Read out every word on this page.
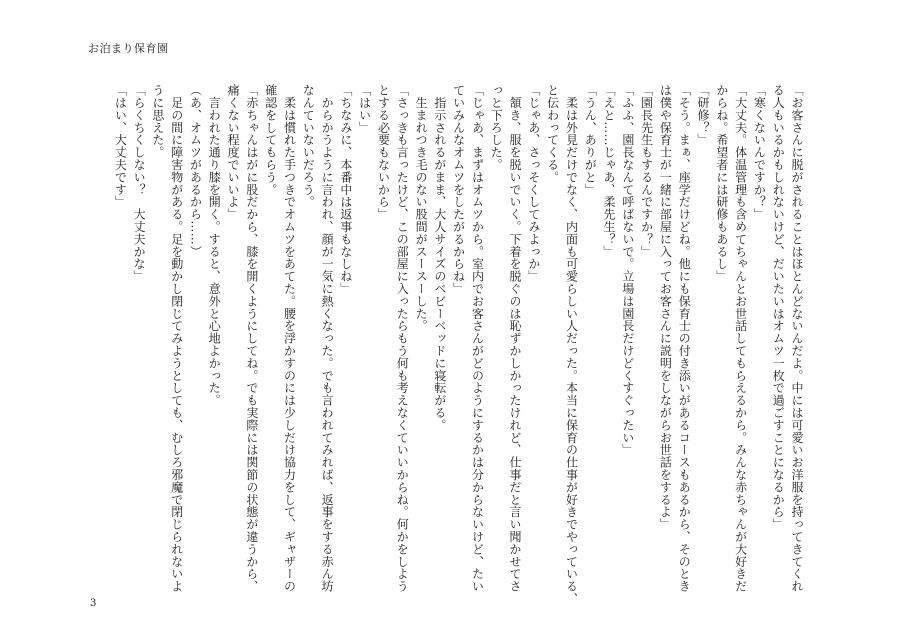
お泊まり保育園
「お客さんに脱がされることはほとんどないんだよ。中には可愛いお洋服を持ってきてくれ
る人もいるかもしれないけど、だいたいはオムツ一枚で過ごすことになるから」
「寒くないんですか？」
「大丈夫。体温管理も含めてちゃんとお世話してもらえるから。みんな赤ちゃんが大好きだ
からね。希望者には研修もあるし」
「研修？」
「そう。まぁ、座学だけどね。他にも保育士の付き添いがあるコースもあるから、そのとき
は僕や保育士が一緒に部屋に入ってお客さんに説明をしながらお世話をするよ」
「園長先生もするんですか？」
「ふふ、園長なんて呼ばないで。立場は園長だけどくすぐったい」
「えと……じゃあ、柔先生？」
「うん、ありがと」
　柔は外見だけでなく、内面も可愛らしい人だった。本当に保育の仕事が好きでやっている、
と伝わってくる。
「じゃあ、さっそくしてみよっか」
　頷き、服を脱いでいく。下着を脱ぐのは恥ずかしかったけれど、仕事だと言い聞かせてさ
っと下ろした。
「じゃあ、まずはオムツから。室内でお客さんがどのようにするかは分からないけど、たい
ていみんなオムツをしたがるからね」
　指示されるがまま、大人サイズのベビーベッドに寝転がる。
　生まれつき毛のない股間がスースーした。
「さっきも言ったけど、この部屋に入ったらもう何も考えなくていいからね。何かをしよう
とする必要もないから」
「はい」
「ちなみに、本番中は返事もなしね」
　からかうように言われ、顔が一気に熱くなった。でも言われてみれば、返事をする赤ん坊
なんていないだろう。
　柔は慣れた手つきでオムツをあてた。腰を浮かすのには少しだけ協力をして、ギャザーの
確認をしてもらう。
「赤ちゃんはがに股だから、膝を開くようにしてね。でも実際には関節の状態が違うから、
痛くない程度でいいよ」
　言われた通り膝を開く。すると、意外と心地よかった。
（あ、オムツがあるから……）
　足の間に障害物がある。足を動かし閉じてみようとしても、むしろ邪魔で閉じられないよ
うに思えた。
「らくちくしない？　大丈夫かな」
「はい、大丈夫です」
3
